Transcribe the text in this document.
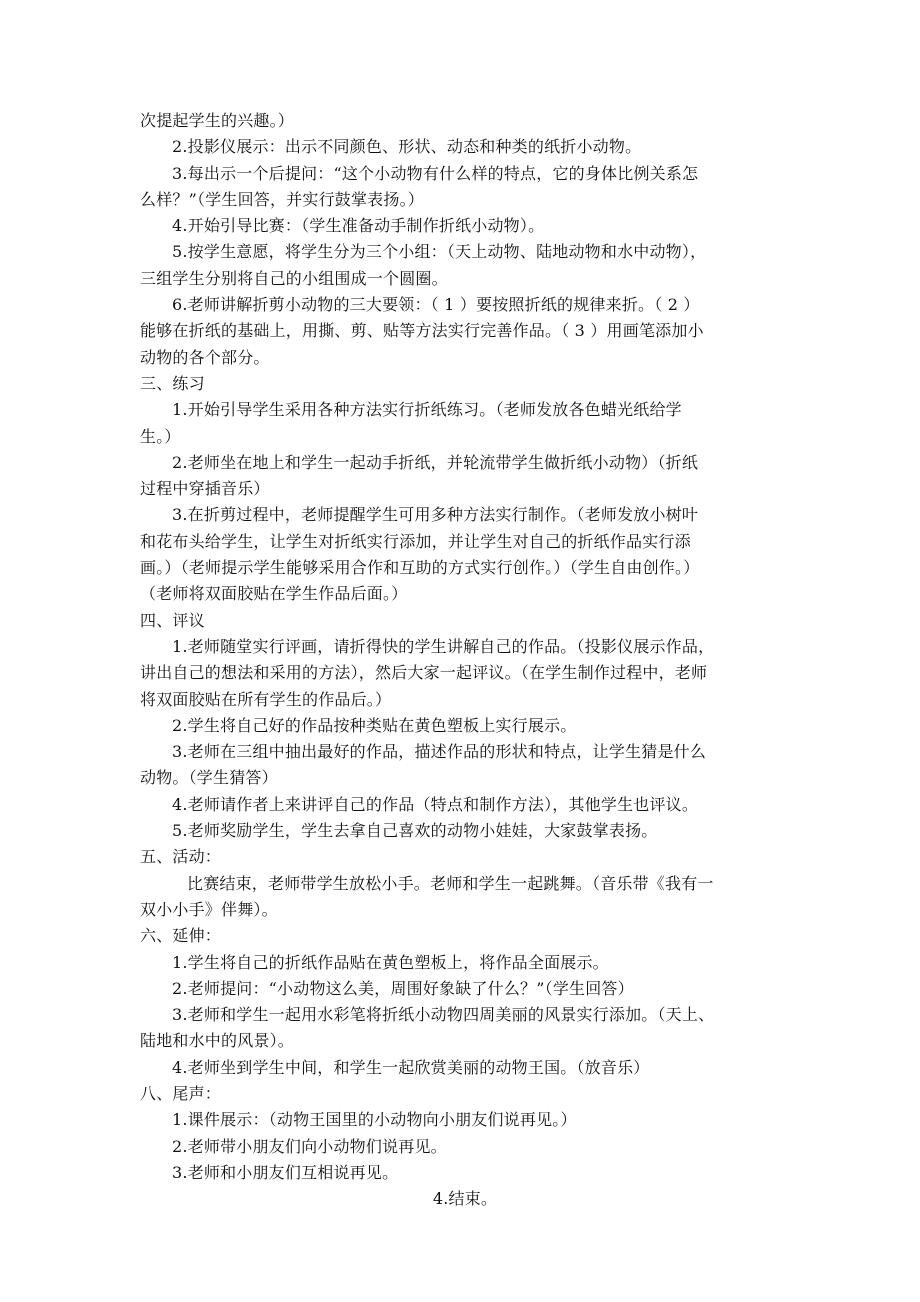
次提起学生的兴趣。）
2.投影仪展示：出示不同颜色、形状、动态和种类的纸折小动物。
3.每出示一个后提问：“这个小动物有什么样的特点，它的身体比例关系怎
么样？”（学生回答，并实行鼓掌表扬。）
4.开始引导比赛：（学生准备动手制作折纸小动物）。
5.按学生意愿，将学生分为三个小组：（天上动物、陆地动物和水中动物），
三组学生分别将自己的小组围成一个圆圈。
6.老师讲解折剪小动物的三大要领：（ 1 ）要按照折纸的规律来折。（ 2 ）
能够在折纸的基础上，用撕、剪、贴等方法实行完善作品。（ 3 ）用画笔添加小
动物的各个部分。
三、练习
1.开始引导学生采用各种方法实行折纸练习。（老师发放各色蜡光纸给学
生。）
2.老师坐在地上和学生一起动手折纸，并轮流带学生做折纸小动物）（折纸
过程中穿插音乐）
3.在折剪过程中，老师提醒学生可用多种方法实行制作。（老师发放小树叶
和花布头给学生，让学生对折纸实行添加，并让学生对自己的折纸作品实行添
画。）（老师提示学生能够采用合作和互助的方式实行创作。）（学生自由创作。）
（老师将双面胶贴在学生作品后面。）
四、评议
1.老师随堂实行评画，请折得快的学生讲解自己的作品。（投影仪展示作品，
讲出自己的想法和采用的方法），然后大家一起评议。（在学生制作过程中，老师
将双面胶贴在所有学生的作品后。）
2.学生将自己好的作品按种类贴在黄色塑板上实行展示。
3.老师在三组中抽出最好的作品，描述作品的形状和特点，让学生猜是什么
动物。（学生猜答）
4.老师请作者上来讲评自己的作品（特点和制作方法），其他学生也评议。
5.老师奖励学生，学生去拿自己喜欢的动物小娃娃，大家鼓掌表扬。
五、活动：
比赛结束，老师带学生放松小手。老师和学生一起跳舞。（音乐带《我有一
双小小手》伴舞）。
六、延伸：
1.学生将自己的折纸作品贴在黄色塑板上，将作品全面展示。
2.老师提问：“小动物这么美，周围好象缺了什么？”（学生回答）
3.老师和学生一起用水彩笔将折纸小动物四周美丽的风景实行添加。（天上、
陆地和水中的风景）。
4.老师坐到学生中间，和学生一起欣赏美丽的动物王国。（放音乐）
八、尾声：
1.课件展示：（动物王国里的小动物向小朋友们说再见。）
2.老师带小朋友们向小动物们说再见。
3.老师和小朋友们互相说再见。
4.结束。
